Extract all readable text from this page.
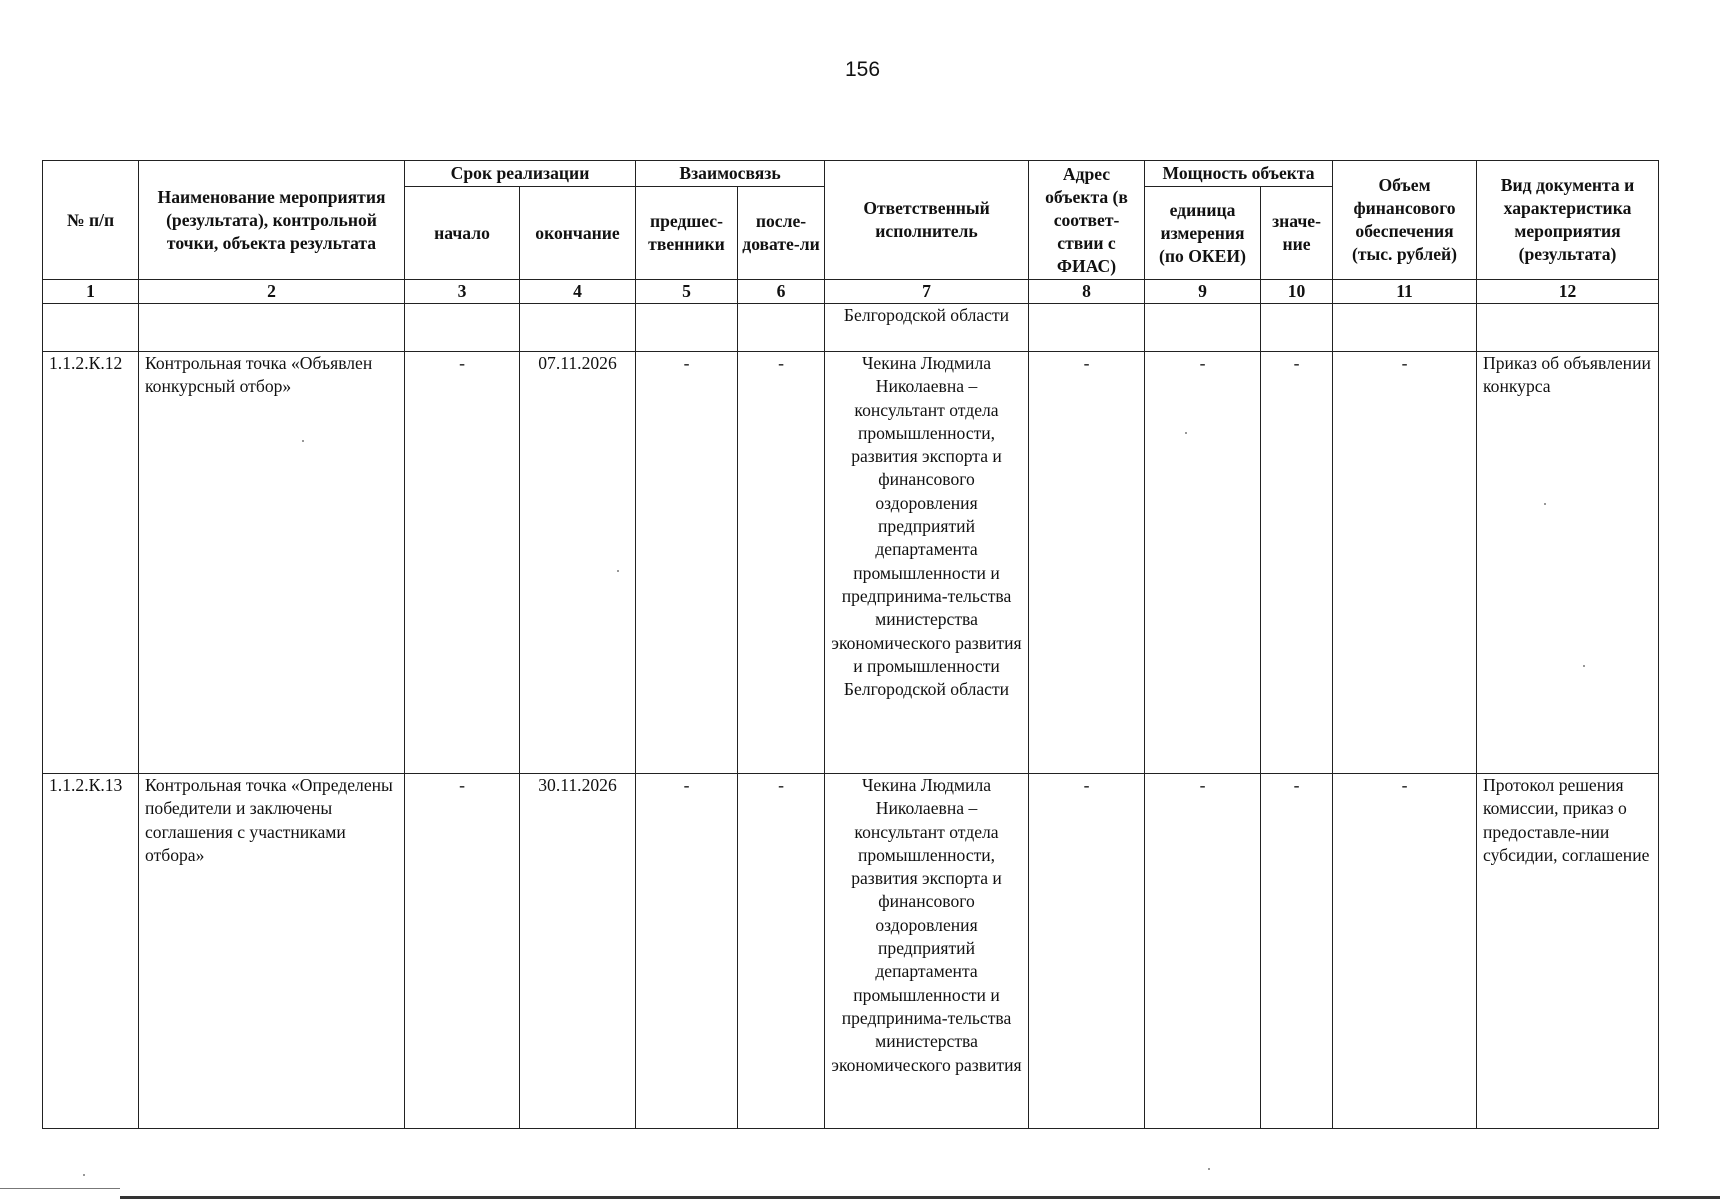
156
№ п/п	Наименование мероприятия (результата), контрольной точки, объекта результата	Срок реализации		Взаимосвязь		Ответственный исполнитель	Адрес объекта (в соответ-ствии с ФИАС)	Мощность объекта		Объем финансового обеспечения (тыс. рублей)	Вид документа и характеристика мероприятия (результата)
		начало	окончание	предшес-твенники	после-довате-ли			единица измерения (по ОКЕИ)	значе-ние		
1	2	3	4	5	6	7	8	9	10	11	12
						Белгородской области					
1.1.2.К.12	Контрольная точка «Объявлен конкурсный отбор»	-	07.11.2026	-	-	Чекина Людмила Николаевна – консультант отдела промышленности, развития экспорта и финансового оздоровления предприятий департамента промышленности и предпринима-тельства министерства экономического развития и промышленности Белгородской области	-	-	-	-	Приказ об объявлении конкурса
1.1.2.К.13	Контрольная точка «Определены победители и заключены соглашения с участниками отбора»	-	30.11.2026	-	-	Чекина Людмила Николаевна – консультант отдела промышленности, развития экспорта и финансового оздоровления предприятий департамента промышленности и предпринима-тельства министерства экономического развития	-	-	-	-	Протокол решения комиссии, приказ о предоставле-нии субсидии, соглашение
